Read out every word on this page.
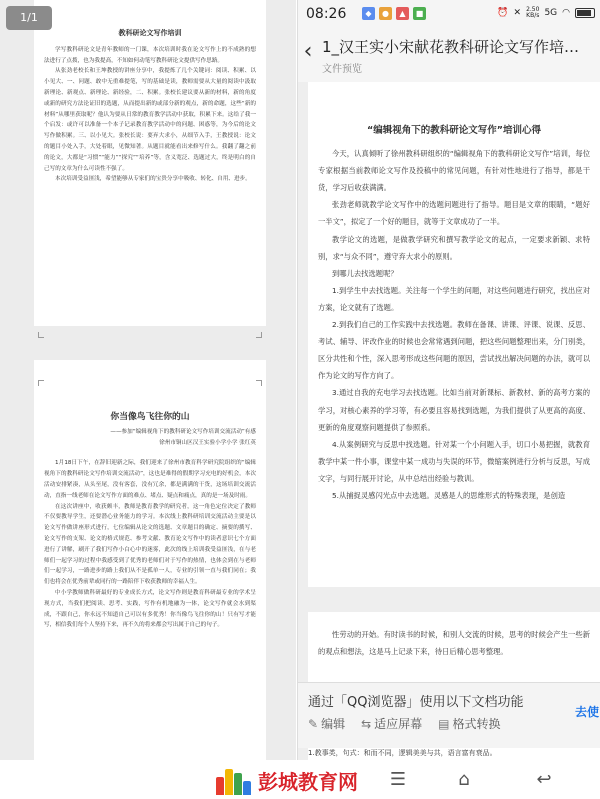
1/1
教科研论文写作培训

学写教科研论文是青年教师的一门课，本次培训时我在论文写作上的不成熟的想法进行了点拨，也为我提高，不知如何动笔写教科研论文提供写作思路。

从张劲老校长和王坤教授的讲座分享中，我提炼了几个关键词：阅读、积累、以小见大、一、问题、敢中无重难提笔，写的基础是读，教师需要从大量的阅读中汲取新理论、新观点、新理论、新经验，二、积累。张校长建议要从新的材料，新的角度或新的研究方法论证旧的选题，从而提出新的或部分新的观点，新的命题，这些“新的材料”从哪里获取呢？他认为要从日常的教育教学活动中获取，积累下来。这给了我一个启发：或许可以准备一个本子记录教育教学活动中的问题、困惑等，为今后的论文写作做积累。三、以小见大。张校长说：要弃大求小，从细节入手，王教授说：论文的题目小处入手，大处着眼，见微知著。从题目就能看出来修写什么。我翻了翻之前的论文，大都是“习惯”“能力”“探究”“培养”等，含义宽泛、选题过大，终是明白的自己写的文章为什么可读性不强了。

本次培训受益匪浅，希望能够从专家们的宝贵分享中吸收、转化、自用、进步。

你当像鸟飞往你的山
——参加“编辑视角下的教科研论文写作培训交流活动”有感
徐州市铜山区汉王实验小学小学 张红英

1月18日下午，在辞旧迎新之际，我们迎来了徐州市教育科学研究院组织的“编辑视角下的教科研论文写作培训交流活动”，这也是难得的假期学习充电的好机会，本次活动安排紧凑，从头至尾，没有客套，没有冗余，都是满满的干货，这场培训交流活动，直指一线老师在论文写作方面的难点、堵点、疑点和痛点，真的是一场及时雨。

在这次讲座中，收获颇丰，教师是教育教学的研究者，这一角色定位决定了教师不仅要教导学生，还要潜心业务能力的学习。本次线上教科研培训交流活动主要是以论文写作做讲座形式进行，七位编辑从论文的选题、文章题目的确定、摘要的撰写、论文写作的支架、论文的格式规范、参考文献、教育论文写作中的读者意识七个方面进行了讲解，刷开了我们写作小白心中的迷雾，此次的线上培训我受益匪浅，在与老师们一起学习的过程中我感受到了优秀的老师们对于写作的热情，也体会到在与老师们一起学习，一路进步的路上我们从不是孤单一人，专业的引领一直与我们同在；我们也将会在优秀前辈或同行的一路陪伴下收获教师的幸福人生。

中小学教师做科研最好的专业成长方式，论文写作则是教育科研最专业的学术呈现方式，当我们把阅读、思考、实践，写作有机地融为一体，论文写作就会水到渠成，不跟自己，你永远不知道自己可以有多优秀！你当像鸟飞往你的山！只有写才能写，相信我们每个人坚持下来，再不久的将来都会写出属于自己的句子。

08:26	◆	●	▲	■	⏰ ✕ 2.50
KB/s 5G ◠
‹ 1_汉王实小宋献花教科研论文写作培…
文件预览
“编辑视角下的教科研论文写作”培训心得

今天，认真倾听了徐州教科研组织的“编辑视角下的教科研论文写作”培训，每位专家根据当前教师论文写作及投稿中的常见问题，有针对性地进行了指导，都是干货，学习后收获满满。

张劲老师就教学论文写作中的选题问题进行了指导。题目是文章的眼睛，“题好一半文”，拟定了一个好的题目，就等于文章成功了一半。

教学论文的选题，是做教学研究和撰写教学论文的起点，一定要求新颖、求特别，求“与众不同”，遵守弃大求小的原则。

到哪儿去找选题呢？

1.到学生中去找选题。关注每一个学生的问题，对这些问题进行研究，找出应对方案，论文就有了选题。

2.到我们自己的工作实践中去找选题。教师在备课、讲课、评课、说课、反思、考试、辅导、评改作业的时候也会常常遇到问题，把这些问题整理出来，分门别类，区分共性和个性，深入思考形成这些问题的原因，尝试找出解决问题的办法，就可以作为论文的写作方向了。

3.通过自我的充电学习去找选题。比如当前对新课标、新教材、新的高考方案的学习，对核心素养的学习等，有必要且容易找到选题，为我们提供了从更高的高度、更新的角度观察问题提供了参照系。

4.从案例研究与反思中找选题。针对某一个小问题入手，切口小易把握，就教育教学中某一件小事，课堂中某一成功与失误的环节，微缩案例进行分析与反思，写成文字，与同行展开讨论，从中总结出经验与教训。

5.从捕捉灵感闪光点中去选题。灵感是人的思维形式的特殊表现，是创造

性劳动的开始。有时读书的时候，和别人交流的时候，思考的时候会产生一些新的观点和想法，这是马上记录下来，待日后精心思考整理。

通过「QQ浏览器」使用以下文档功能
✎ 编辑 ⇆ 适应屏幕 ▤ 格式转换
去使
1.教事类，句式：和而不同，逻辑美美与共，语言富有衰品。
彭城教育网	☰	⌂	↩
